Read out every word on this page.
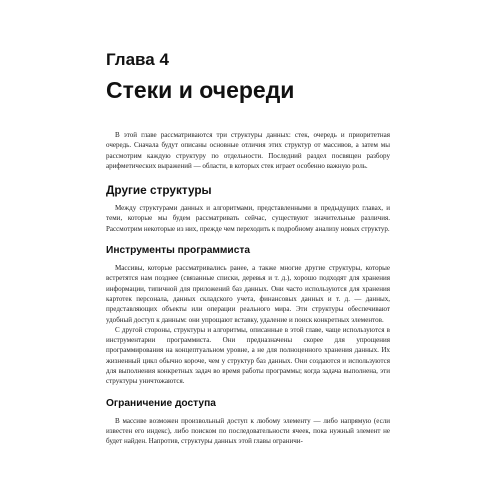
Глава 4
Стеки и очереди

В этой главе рассматриваются три структуры данных: стек, очередь и приоритетная очередь. Сначала будут описаны основные отличия этих структур от массивов, а затем мы рассмотрим каждую структуру по отдельности. Последний раздел посвящен разбору арифметических выражений — области, в которых стек играет особенно важную роль.

Другие структуры

Между структурами данных и алгоритмами, представленными в предыдущих главах, и теми, которые мы будем рассматривать сейчас, существуют значительные различия. Рассмотрим некоторые из них, прежде чем переходить к подробному анализу новых структур.

Инструменты программиста

Массивы, которые рассматривались ранее, а также многие другие структуры, которые встретятся нам позднее (связанные списки, деревья и т. д.), хорошо подходят для хранения информации, типичной для приложений баз данных. Они часто используются для хранения картотек персонала, данных складского учета, финансовых данных и т. д. — данных, представляющих объекты или операции реального мира. Эти структуры обеспечивают удобный доступ к данным: они упрощают вставку, удаление и поиск конкретных элементов.

С другой стороны, структуры и алгоритмы, описанные в этой главе, чаще используются в инструментарии программиста. Они предназначены скорее для упрощения программирования на концептуальном уровне, а не для полноценного хранения данных. Их жизненный цикл обычно короче, чем у структур баз данных. Они создаются и используются для выполнения конкретных задач во время работы программы; когда задача выполнена, эти структуры уничтожаются.

Ограничение доступа

В массиве возможен произвольный доступ к любому элементу — либо напрямую (если известен его индекс), либо поиском по последовательности ячеек, пока нужный элемент не будет найден. Напротив, структуры данных этой главы ограничи-
